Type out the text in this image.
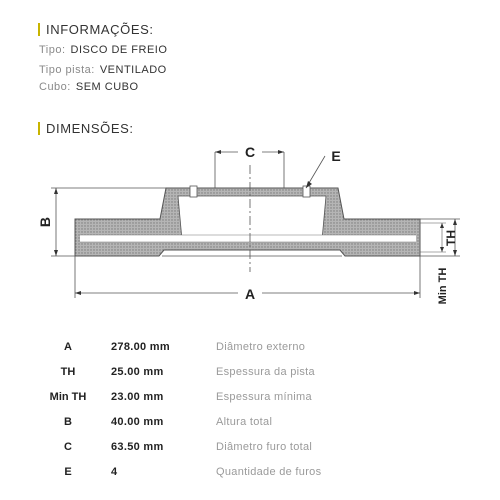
INFORMAÇÕES:
Tipo: DISCO DE FREIO
Tipo pista: VENTILADO
Cubo: SEM CUBO
DIMENSÕES:
C	E
B
A
TH
Min TH
A	278.00 mm	Diâmetro externo
TH	25.00 mm	Espessura da pista
Min TH	23.00 mm	Espessura mínima
B	40.00 mm	Altura total
C	63.50 mm	Diâmetro furo total
E	4	Quantidade de furos
